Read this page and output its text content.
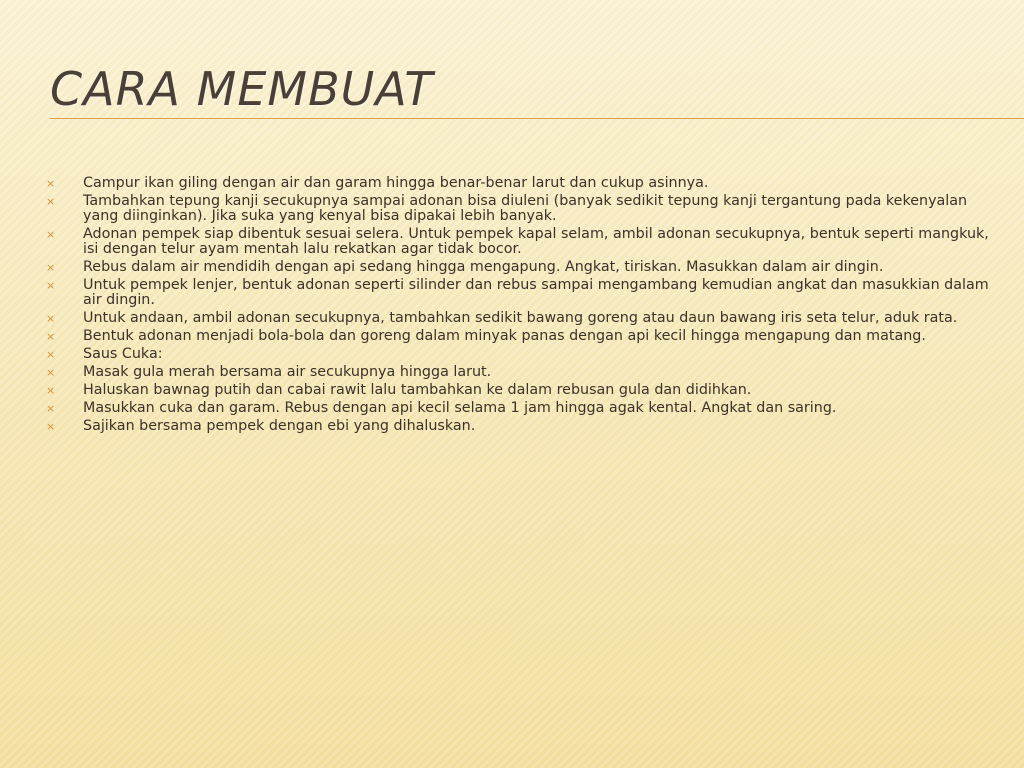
CARA MEMBUAT
× Campur ikan giling dengan air dan garam hingga benar-benar larut dan cukup asinnya.
× Tambahkan tepung kanji secukupnya sampai adonan bisa diuleni (banyak sedikit tepung kanji tergantung pada kekenyalan yang diinginkan). Jika suka yang kenyal bisa dipakai lebih banyak.
× Adonan pempek siap dibentuk sesuai selera. Untuk pempek kapal selam, ambil adonan secukupnya, bentuk seperti mangkuk, isi dengan telur ayam mentah lalu rekatkan agar tidak bocor.
× Rebus dalam air mendidih dengan api sedang hingga mengapung. Angkat, tiriskan. Masukkan dalam air dingin.
× Untuk pempek lenjer, bentuk adonan seperti silinder dan rebus sampai mengambang kemudian angkat dan masukkian dalam air dingin.
× Untuk andaan, ambil adonan secukupnya, tambahkan sedikit bawang goreng atau daun bawang iris seta telur, aduk rata.
× Bentuk adonan menjadi bola-bola dan goreng dalam minyak panas dengan api kecil hingga mengapung dan matang.
× Saus Cuka:
× Masak gula merah bersama air secukupnya hingga larut.
× Haluskan bawnag putih dan cabai rawit lalu tambahkan ke dalam rebusan gula dan didihkan.
× Masukkan cuka dan garam. Rebus dengan api kecil selama 1 jam hingga agak kental. Angkat dan saring.
× Sajikan bersama pempek dengan ebi yang dihaluskan.
